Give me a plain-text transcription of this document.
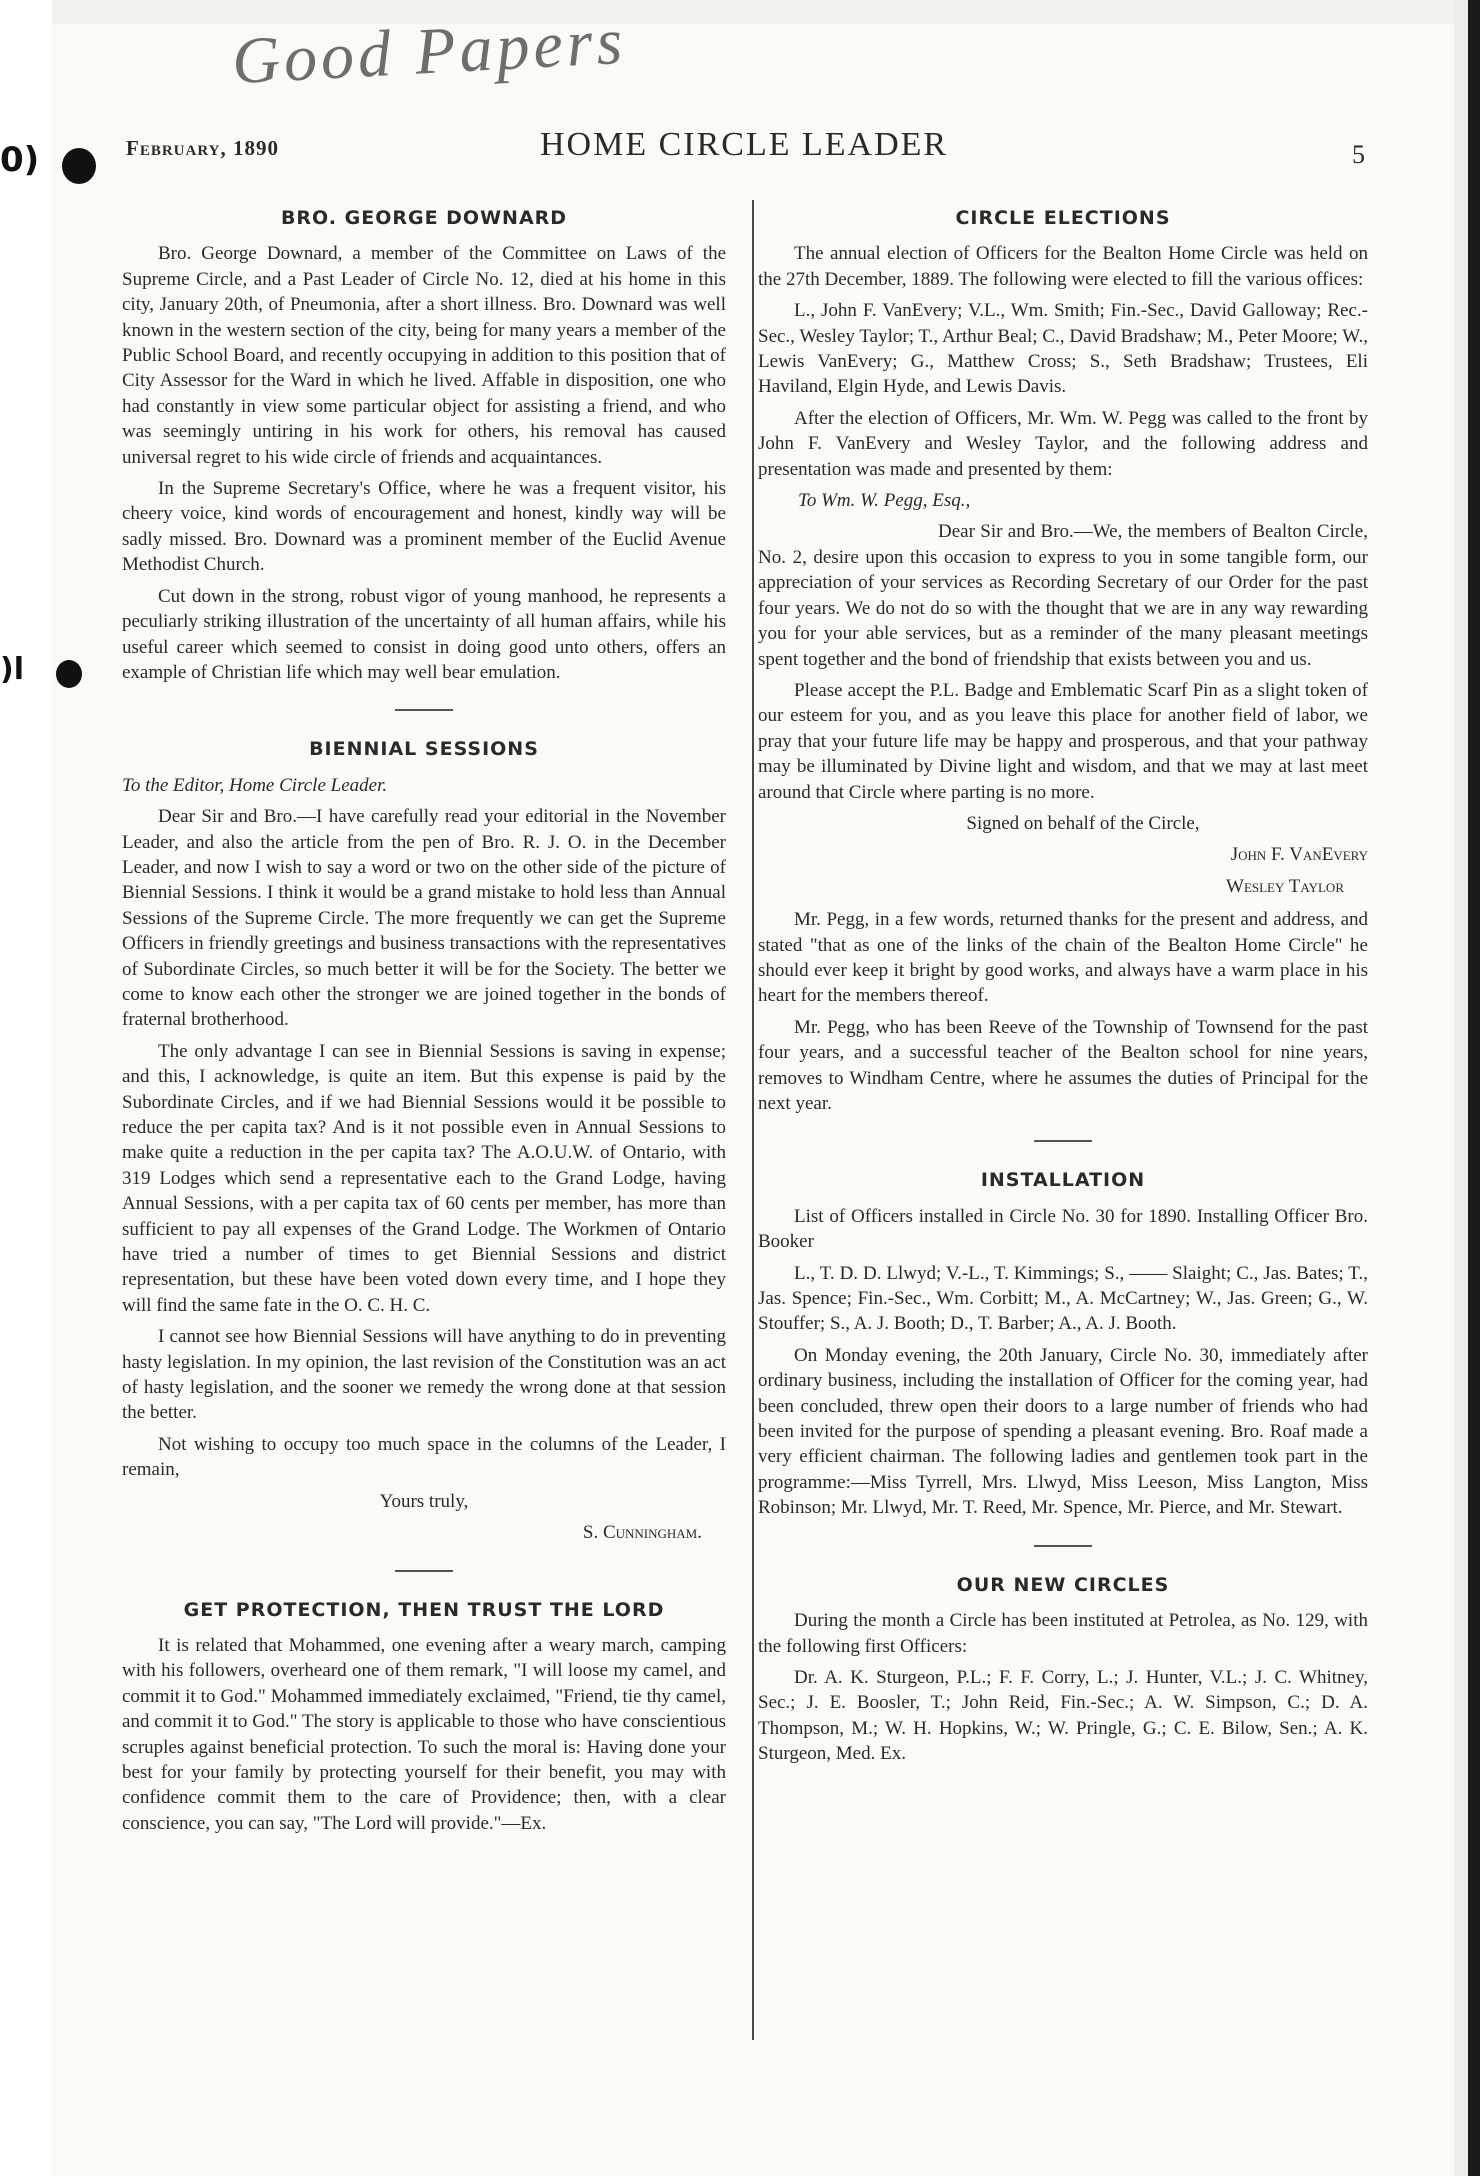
0)
)l
Good Papers
February, 1890	HOME CIRCLE LEADER	5
BRO. GEORGE DOWNARD

Bro. George Downard, a member of the Committee on Laws of the Supreme Circle, and a Past Leader of Circle No. 12, died at his home in this city, January 20th, of Pneumonia, after a short illness. Bro. Downard was well known in the western section of the city, being for many years a member of the Public School Board, and recently occupying in addition to this position that of City Assessor for the Ward in which he lived. Affable in disposition, one who had constantly in view some particular object for assisting a friend, and who was seemingly untiring in his work for others, his removal has caused universal regret to his wide circle of friends and acquaintances.

In the Supreme Secretary's Office, where he was a frequent visitor, his cheery voice, kind words of encouragement and honest, kindly way will be sadly missed. Bro. Downard was a prominent member of the Euclid Avenue Methodist Church.

Cut down in the strong, robust vigor of young manhood, he represents a peculiarly striking illustration of the uncertainty of all human affairs, while his useful career which seemed to consist in doing good unto others, offers an example of Christian life which may well bear emulation.

BIENNIAL SESSIONS

To the Editor, Home Circle Leader.

Dear Sir and Bro.—I have carefully read your editorial in the November Leader, and also the article from the pen of Bro. R. J. O. in the December Leader, and now I wish to say a word or two on the other side of the picture of Biennial Sessions. I think it would be a grand mistake to hold less than Annual Sessions of the Supreme Circle. The more frequently we can get the Supreme Officers in friendly greetings and business transactions with the representatives of Subordinate Circles, so much better it will be for the Society. The better we come to know each other the stronger we are joined together in the bonds of fraternal brotherhood.

The only advantage I can see in Biennial Sessions is saving in expense; and this, I acknowledge, is quite an item. But this expense is paid by the Subordinate Circles, and if we had Biennial Sessions would it be possible to reduce the per capita tax? And is it not possible even in Annual Sessions to make quite a reduction in the per capita tax? The A.O.U.W. of Ontario, with 319 Lodges which send a representative each to the Grand Lodge, having Annual Sessions, with a per capita tax of 60 cents per member, has more than sufficient to pay all expenses of the Grand Lodge. The Workmen of Ontario have tried a number of times to get Biennial Sessions and district representation, but these have been voted down every time, and I hope they will find the same fate in the O. C. H. C.

I cannot see how Biennial Sessions will have anything to do in preventing hasty legislation. In my opinion, the last revision of the Constitution was an act of hasty legislation, and the sooner we remedy the wrong done at that session the better.

Not wishing to occupy too much space in the columns of the Leader, I remain,

Yours truly,

S. Cunningham.

GET PROTECTION, THEN TRUST THE LORD

It is related that Mohammed, one evening after a weary march, camping with his followers, overheard one of them remark, "I will loose my camel, and commit it to God." Mohammed immediately exclaimed, "Friend, tie thy camel, and commit it to God." The story is applicable to those who have conscientious scruples against beneficial protection. To such the moral is: Having done your best for your family by protecting yourself for their benefit, you may with confidence commit them to the care of Providence; then, with a clear conscience, you can say, "The Lord will provide."—Ex.

CIRCLE ELECTIONS

The annual election of Officers for the Bealton Home Circle was held on the 27th December, 1889. The following were elected to fill the various offices:

L., John F. VanEvery; V.L., Wm. Smith; Fin.-Sec., David Galloway; Rec.-Sec., Wesley Taylor; T., Arthur Beal; C., David Bradshaw; M., Peter Moore; W., Lewis VanEvery; G., Matthew Cross; S., Seth Bradshaw; Trustees, Eli Haviland, Elgin Hyde, and Lewis Davis.

After the election of Officers, Mr. Wm. W. Pegg was called to the front by John F. VanEvery and Wesley Taylor, and the following address and presentation was made and presented by them:

To Wm. W. Pegg, Esq.,

Dear Sir and Bro.—We, the members of Bealton Circle, No. 2, desire upon this occasion to express to you in some tangible form, our appreciation of your services as Recording Secretary of our Order for the past four years. We do not do so with the thought that we are in any way rewarding you for your able services, but as a reminder of the many pleasant meetings spent together and the bond of friendship that exists between you and us.

Please accept the P.L. Badge and Emblematic Scarf Pin as a slight token of our esteem for you, and as you leave this place for another field of labor, we pray that your future life may be happy and prosperous, and that your pathway may be illuminated by Divine light and wisdom, and that we may at last meet around that Circle where parting is no more.

Signed on behalf of the Circle,

John F. VanEvery

Wesley Taylor

Mr. Pegg, in a few words, returned thanks for the present and address, and stated "that as one of the links of the chain of the Bealton Home Circle" he should ever keep it bright by good works, and always have a warm place in his heart for the members thereof.

Mr. Pegg, who has been Reeve of the Township of Townsend for the past four years, and a successful teacher of the Bealton school for nine years, removes to Windham Centre, where he assumes the duties of Principal for the next year.

INSTALLATION

List of Officers installed in Circle No. 30 for 1890. Installing Officer Bro. Booker

L., T. D. D. Llwyd; V.-L., T. Kimmings; S., —— Slaight; C., Jas. Bates; T., Jas. Spence; Fin.-Sec., Wm. Corbitt; M., A. McCartney; W., Jas. Green; G., W. Stouffer; S., A. J. Booth; D., T. Barber; A., A. J. Booth.

On Monday evening, the 20th January, Circle No. 30, immediately after ordinary business, including the installation of Officer for the coming year, had been concluded, threw open their doors to a large number of friends who had been invited for the purpose of spending a pleasant evening. Bro. Roaf made a very efficient chairman. The following ladies and gentlemen took part in the programme:—Miss Tyrrell, Mrs. Llwyd, Miss Leeson, Miss Langton, Miss Robinson; Mr. Llwyd, Mr. T. Reed, Mr. Spence, Mr. Pierce, and Mr. Stewart.

OUR NEW CIRCLES

During the month a Circle has been instituted at Petrolea, as No. 129, with the following first Officers:

Dr. A. K. Sturgeon, P.L.; F. F. Corry, L.; J. Hunter, V.L.; J. C. Whitney, Sec.; J. E. Boosler, T.; John Reid, Fin.-Sec.; A. W. Simpson, C.; D. A. Thompson, M.; W. H. Hopkins, W.; W. Pringle, G.; C. E. Bilow, Sen.; A. K. Sturgeon, Med. Ex.
